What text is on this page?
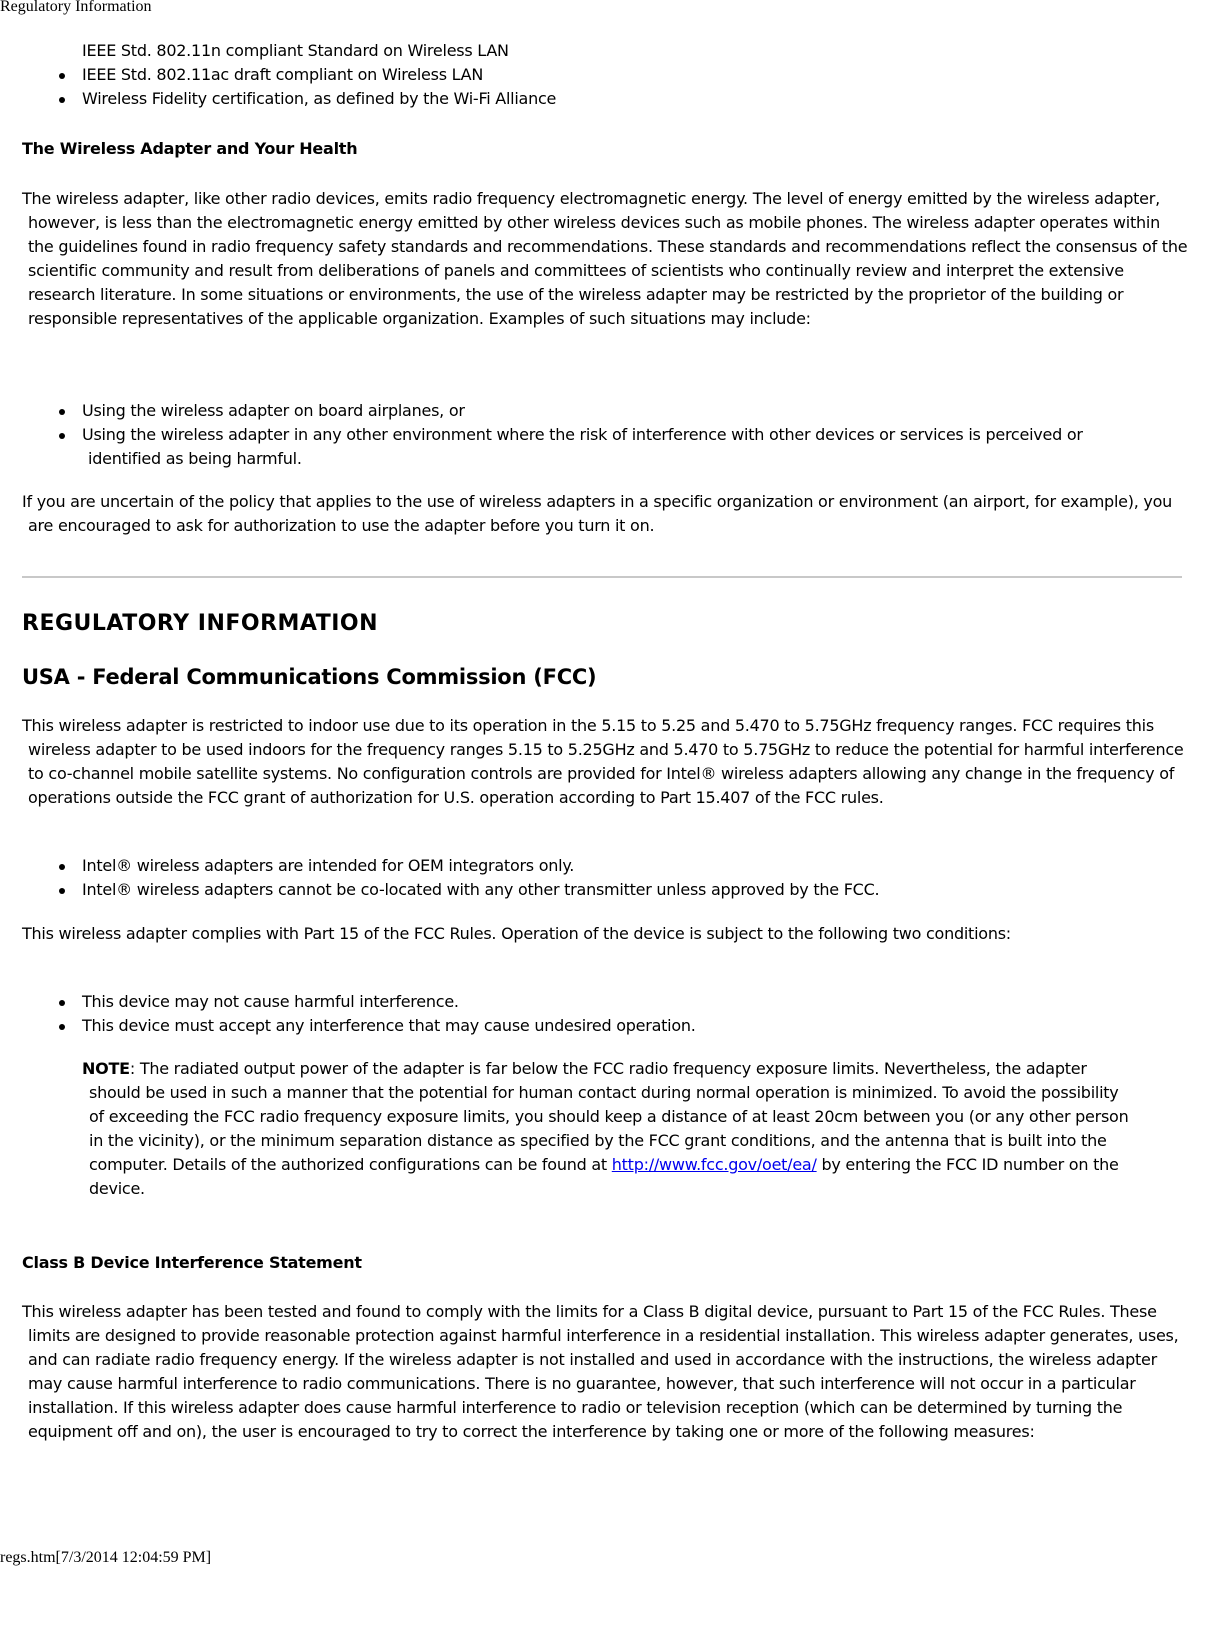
Regulatory Information
IEEE Std. 802.11n compliant Standard on Wireless LAN
IEEE Std. 802.11ac draft compliant on Wireless LAN
Wireless Fidelity certification, as defined by the Wi-Fi Alliance
The Wireless Adapter and Your Health

The wireless adapter, like other radio devices, emits radio frequency electromagnetic energy. The level of energy emitted by the wireless adapter, however, is less than the electromagnetic energy emitted by other wireless devices such as mobile phones. The wireless adapter operates within the guidelines found in radio frequency safety standards and recommendations. These standards and recommendations reflect the consensus of the scientific community and result from deliberations of panels and committees of scientists who continually review and interpret the extensive research literature. In some situations or environments, the use of the wireless adapter may be restricted by the proprietor of the building or responsible representatives of the applicable organization. Examples of such situations may include:

Using the wireless adapter on board airplanes, or
Using the wireless adapter in any other environment where the risk of interference with other devices or services is perceived or identified as being harmful.

If you are uncertain of the policy that applies to the use of wireless adapters in a specific organization or environment (an airport, for example), you are encouraged to ask for authorization to use the adapter before you turn it on.

REGULATORY INFORMATION
USA - Federal Communications Commission (FCC)

This wireless adapter is restricted to indoor use due to its operation in the 5.15 to 5.25 and 5.470 to 5.75GHz frequency ranges. FCC requires this wireless adapter to be used indoors for the frequency ranges 5.15 to 5.25GHz and 5.470 to 5.75GHz to reduce the potential for harmful interference to co-channel mobile satellite systems. No configuration controls are provided for Intel® wireless adapters allowing any change in the frequency of operations outside the FCC grant of authorization for U.S. operation according to Part 15.407 of the FCC rules.

Intel® wireless adapters are intended for OEM integrators only.
Intel® wireless adapters cannot be co-located with any other transmitter unless approved by the FCC.

This wireless adapter complies with Part 15 of the FCC Rules. Operation of the device is subject to the following two conditions:

This device may not cause harmful interference.
This device must accept any interference that may cause undesired operation.
NOTE: The radiated output power of the adapter is far below the FCC radio frequency exposure limits. Nevertheless, the adapter should be used in such a manner that the potential for human contact during normal operation is minimized. To avoid the possibility of exceeding the FCC radio frequency exposure limits, you should keep a distance of at least 20cm between you (or any other person in the vicinity), or the minimum separation distance as specified by the FCC grant conditions, and the antenna that is built into the computer. Details of the authorized configurations can be found at http://www.fcc.gov/oet/ea/ by entering the FCC ID number on the device.
Class B Device Interference Statement

This wireless adapter has been tested and found to comply with the limits for a Class B digital device, pursuant to Part 15 of the FCC Rules. These limits are designed to provide reasonable protection against harmful interference in a residential installation. This wireless adapter generates, uses, and can radiate radio frequency energy. If the wireless adapter is not installed and used in accordance with the instructions, the wireless adapter may cause harmful interference to radio communications. There is no guarantee, however, that such interference will not occur in a particular installation. If this wireless adapter does cause harmful interference to radio or television reception (which can be determined by turning the equipment off and on), the user is encouraged to try to correct the interference by taking one or more of the following measures:

regs.htm[7/3/2014 12:04:59 PM]
